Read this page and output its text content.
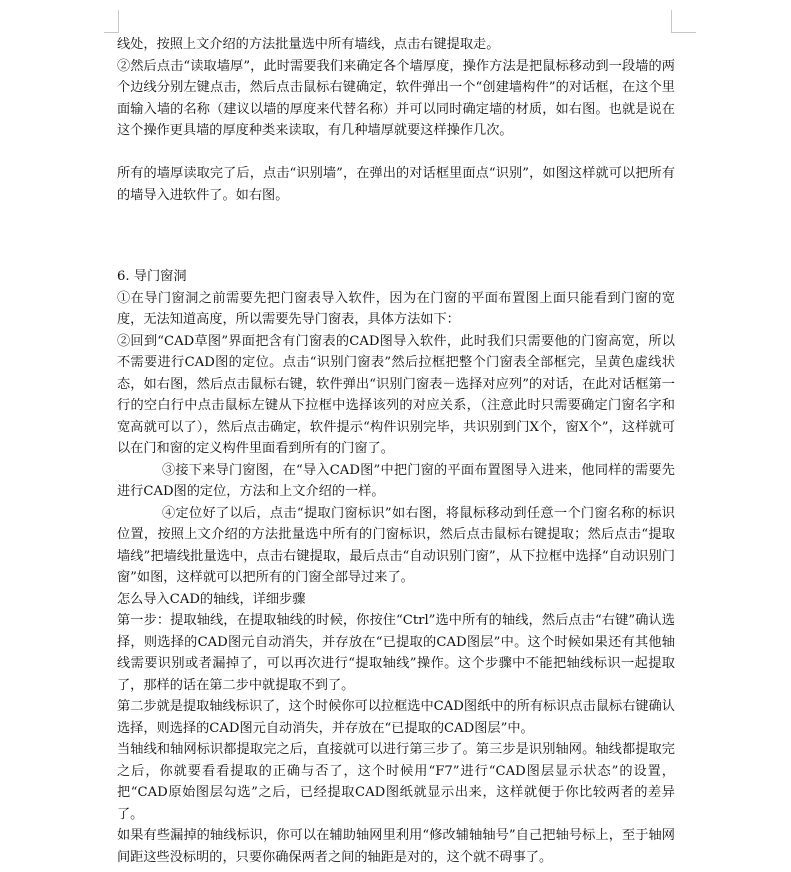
线处，按照上文介绍的方法批量选中所有墙线，点击右键提取走。

②然后点击“读取墙厚”，此时需要我们来确定各个墙厚度，操作方法是把鼠标移动到一段墙的两个边线分别左键点击，然后点击鼠标右键确定，软件弹出一个“创建墙构件”的对话框，在这个里面输入墙的名称（建议以墙的厚度来代替名称）并可以同时确定墙的材质，如右图。也就是说在这个操作更具墙的厚度种类来读取，有几种墙厚就要这样操作几次。

所有的墙厚读取完了后，点击“识别墙”，在弹出的对话框里面点“识别”，如图这样就可以把所有的墙导入进软件了。如右图。

6. 导门窗洞

①在导门窗洞之前需要先把门窗表导入软件，因为在门窗的平面布置图上面只能看到门窗的宽度，无法知道高度，所以需要先导门窗表，具体方法如下：

②回到“CAD草图”界面把含有门窗表的CAD图导入软件，此时我们只需要他的门窗高宽，所以不需要进行CAD图的定位。点击“识别门窗表”然后拉框把整个门窗表全部框完，呈黄色虚线状态，如右图，然后点击鼠标右键，软件弹出“识别门窗表－选择对应列”的对话，在此对话框第一行的空白行中点击鼠标左键从下拉框中选择该列的对应关系，（注意此时只需要确定门窗名字和宽高就可以了），然后点击确定，软件提示“构件识别完毕，共识别到门X个，窗X个”，这样就可以在门和窗的定义构件里面看到所有的门窗了。

③接下来导门窗图，在“导入CAD图”中把门窗的平面布置图导入进来，他同样的需要先进行CAD图的定位，方法和上文介绍的一样。

④定位好了以后，点击“提取门窗标识”如右图，将鼠标移动到任意一个门窗名称的标识位置，按照上文介绍的方法批量选中所有的门窗标识，然后点击鼠标右键提取；然后点击“提取墙线”把墙线批量选中，点击右键提取，最后点击“自动识别门窗”，从下拉框中选择“自动识别门窗”如图，这样就可以把所有的门窗全部导过来了。

怎么导入CAD的轴线，详细步骤

第一步：提取轴线，在提取轴线的时候，你按住“Ctrl”选中所有的轴线，然后点击“右键”确认选择，则选择的CAD图元自动消失，并存放在“已提取的CAD图层”中。这个时候如果还有其他轴线需要识别或者漏掉了，可以再次进行“提取轴线”操作。这个步骤中不能把轴线标识一起提取了，那样的话在第二步中就提取不到了。

第二步就是提取轴线标识了，这个时候你可以拉框选中CAD图纸中的所有标识点击鼠标右键确认选择，则选择的CAD图元自动消失，并存放在“已提取的CAD图层”中。

当轴线和轴网标识都提取完之后，直接就可以进行第三步了。第三步是识别轴网。轴线都提取完之后，你就要看看提取的正确与否了，这个时候用“F7”进行“CAD图层显示状态”的设置，把“CAD原始图层勾选”之后，已经提取CAD图纸就显示出来，这样就便于你比较两者的差异了。

如果有些漏掉的轴线标识，你可以在辅助轴网里利用“修改辅轴轴号”自己把轴号标上，至于轴网间距这些没标明的，只要你确保两者之间的轴距是对的，这个就不碍事了。
